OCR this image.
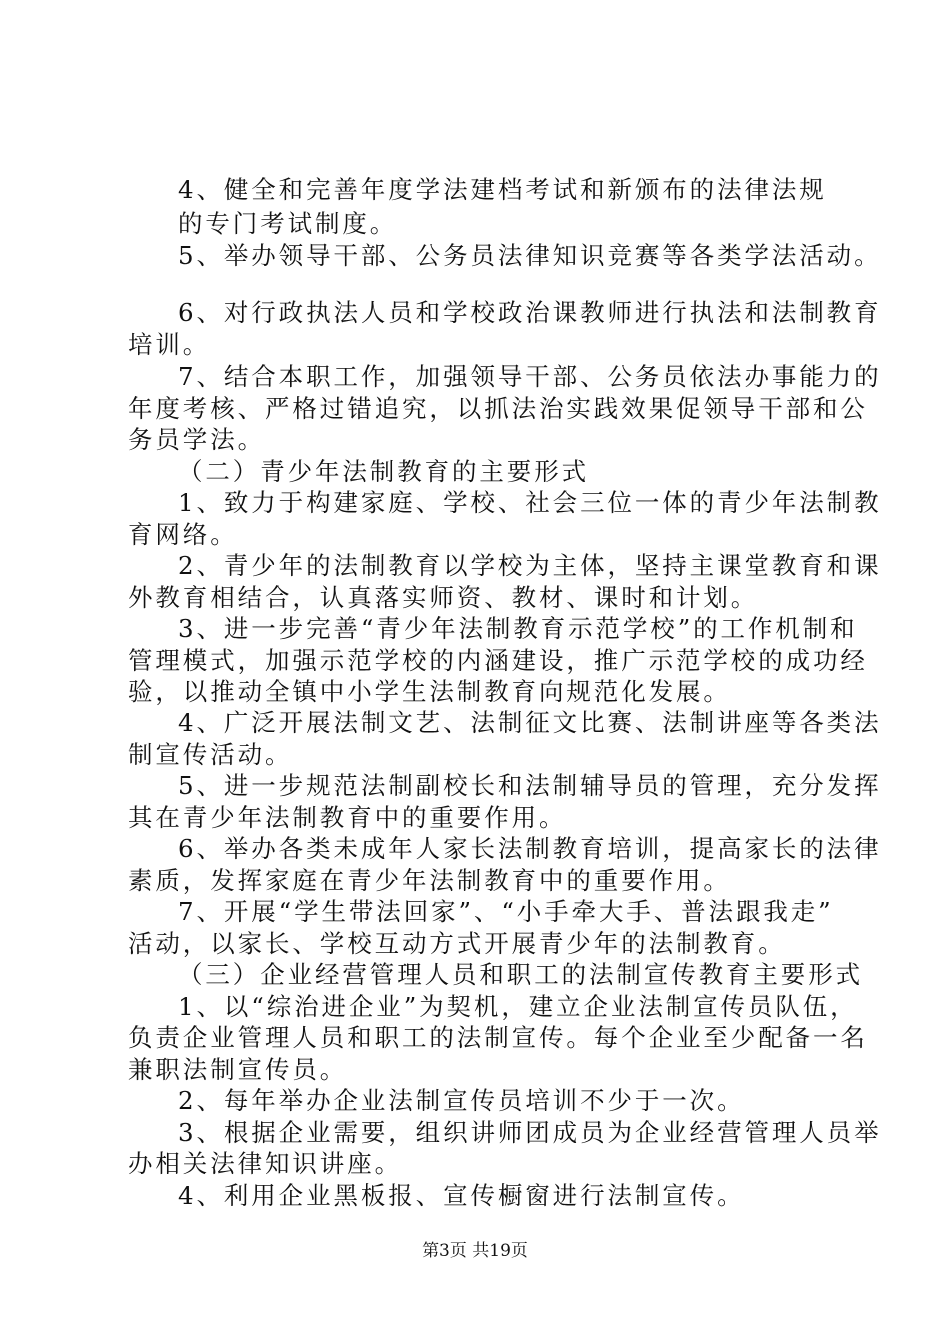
4、健全和完善年度学法建档考试和新颁布的法律法规
的专门考试制度。
5、举办领导干部、公务员法律知识竞赛等各类学法活动。
6、对行政执法人员和学校政治课教师进行执法和法制教育
培训。
7、结合本职工作，加强领导干部、公务员依法办事能力的
年度考核、严格过错追究，以抓法治实践效果促领导干部和公
务员学法。
（二）青少年法制教育的主要形式
1、致力于构建家庭、学校、社会三位一体的青少年法制教
育网络。
2、青少年的法制教育以学校为主体，坚持主课堂教育和课
外教育相结合，认真落实师资、教材、课时和计划。
3、进一步完善“青少年法制教育示范学校”的工作机制和
管理模式，加强示范学校的内涵建设，推广示范学校的成功经
验，以推动全镇中小学生法制教育向规范化发展。
4、广泛开展法制文艺、法制征文比赛、法制讲座等各类法
制宣传活动。
5、进一步规范法制副校长和法制辅导员的管理，充分发挥
其在青少年法制教育中的重要作用。
6、举办各类未成年人家长法制教育培训，提高家长的法律
素质，发挥家庭在青少年法制教育中的重要作用。
7、开展“学生带法回家”、“小手牵大手、普法跟我走”
活动，以家长、学校互动方式开展青少年的法制教育。
（三）企业经营管理人员和职工的法制宣传教育主要形式
1、以“综治进企业”为契机，建立企业法制宣传员队伍，
负责企业管理人员和职工的法制宣传。每个企业至少配备一名
兼职法制宣传员。
2、每年举办企业法制宣传员培训不少于一次。
3、根据企业需要，组织讲师团成员为企业经营管理人员举
办相关法律知识讲座。
4、利用企业黑板报、宣传橱窗进行法制宣传。
第3页 共19页
